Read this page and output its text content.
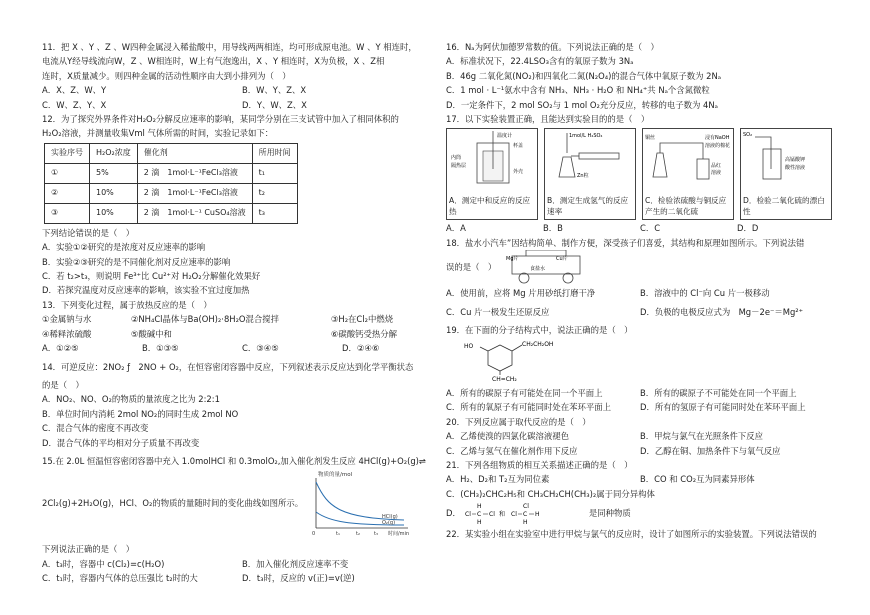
11．把 X 、Y 、Z 、W四种金属浸入稀盐酸中，用导线两两相连，均可形成原电池。W 、Y 相连时，

电流从Y经导线流向W，Z 、W相连时，W上有气泡逸出，X 、Y 相连时，X为负极，X 、Z相

连时，X质量减少。则四种金属的活动性顺序由大到小排列为（　）

A．X、Z、W、Y	B．W、Y、Z、X
C．W、Z、Y、X	D．Y、W、Z、X

12．为了探究外界条件对H₂O₂分解反应速率的影响，某同学分别在三支试管中加入了相同体积的

H₂O₂溶液，并测量收集Vml 气体所需的时间，实验记录如下：

实验序号	H₂O₂浓度	催化剂	所用时间
①	5%	2 滴　1mol·L⁻¹FeCl₃溶液	t₁
②	10%	2 滴　1mol·L⁻¹FeCl₃溶液	t₂
③	10%	2 滴　1mol·L⁻¹ CuSO₄溶液	t₃

下列结论错误的是（　）

A．实验①②研究的是浓度对反应速率的影响

B．实验②③研究的是不同催化剂对反应速率的影响

C．若 t₂>t₃，则说明 Fe³⁺比 Cu²⁺对 H₂O₂分解催化效果好

D．若探究温度对反应速率的影响，该实验不宜过度加热

13．下列变化过程，属于放热反应的是（　）

①金属钠与水	②NH₄Cl晶体与Ba(OH)₂·8H₂O混合搅拌	③H₂在Cl₂中燃烧
④稀释浓硫酸	⑤酸碱中和	⑥碳酸钙受热分解
A．①②⑤	B．①③⑤	C．③④⑤	D．②④⑥

14．可逆反应：2NO₂ ƒ　2NO + O₂，在恒容密闭容器中反应，下列叙述表示反应达到化学平衡状态

的是（　）

A．NO₂、NO、O₂的物质的量浓度之比为 2:2:1

B．单位时间内消耗 2mol NO₂的同时生成 2mol NO

C．混合气体的密度不再改变

D．混合气体的平均相对分子质量不再改变

15.在 2.0L 恒温恒容密闭容器中充入 1.0molHCl 和 0.3molO₂,加入催化剂发生反应 4HCl(g)+O₂(g)⇌

2Cl₂(g)+2H₂O(g)，HCl、O₂的物质的量随时间的变化曲线如图所示。

物质的量/mol
HCl(g)
O₂(g)
0	t₁	t₂	t₃ 时间/min

下列说法正确的是（　）

A．t₃时，容器中 c(Cl₂)=c(H₂O)	B．加入催化剂反应速率不变
C．t₁时，容器内气体的总压强比 t₂时的大	D．t₃时，反应的 v(正)=v(逆)

16．Nₐ为阿伏加德罗常数的值。下列说法正确的是（　）

A．标准状况下，22.4LSO₃含有的氧原子数为 3Nₐ

B．46g 二氧化氮(NO₂)和四氧化二氮(N₂O₄)的混合气体中氧原子数为 2Nₐ

C．1 mol · L⁻¹氨水中含有 NH₃、NH₃ · H₂O 和 NH₄⁺共 Nₐ个含氮微粒

D．一定条件下，2 mol SO₂与 1 mol O₂充分反应，转移的电子数为 4Nₐ

17．以下实验装置正确，且能达到实验目的的是（　）

温度计
杯盖
内筒
隔热层
外壳
A．测定中和反应的反应热
1mol/L H₂SO₄
Zn粒
B．测定生成氢气的反应速率
铜丝	浸有NaOH
溶液的棉花
品红
溶液
C．检验浓硫酸与铜反应产生的二氧化硫
SO₂
高锰酸钾
酸性溶液
D．检验二氧化硫的漂白性
A．A	B．B	C．C	D．D

18．盐水小汽车”因结构简单、制作方便，深受孩子们喜爱，其结构和原理如图所示。下列说法错

误的是（　）

Mg片	Cu片
食盐水
A．使用前，应将 Mg 片用砂纸打磨干净	B．溶液中的 Cl⁻向 Cu 片一极移动
C．Cu 片一极发生还原反应	D．负极的电极反应式为　Mg－2e⁻＝Mg²⁺

19．在下面的分子结构式中，说法正确的是（　）

HO	CH₂CH₂OH
CH=CH₂
A．所有的碳原子有可能处在同一个平面上	B．所有的碳原子不可能处在同一个平面上
C．所有的氧原子有可能同时处在苯环平面上	D．所有的氢原子有可能同时处在苯环平面上

20．下列反应属于取代反应的是（　）

A．乙烯使溴的四氯化碳溶液褪色	B．甲烷与氯气在光照条件下反应
C．乙烯与氢气在催化剂作用下反应	D．乙醇在铜、加热条件下与氧气反应

21．下列各组物质的相互关系描述正确的是（　）

A．H₂、D₂和 T₂互为同位素	B．CO 和 CO₂互为同素异形体

C．(CH₃)₂CHC₂H₅和 CH₃CH₂CH(CH₃)₂属于同分异构体

D．
H
Cl	Cl
C
H
和
Cl
Cl	H
C
H
是同种物质

22．某实验小组在实验室中进行甲烷与氯气的反应时，设计了如图所示的实验装置。下列说法错误的
